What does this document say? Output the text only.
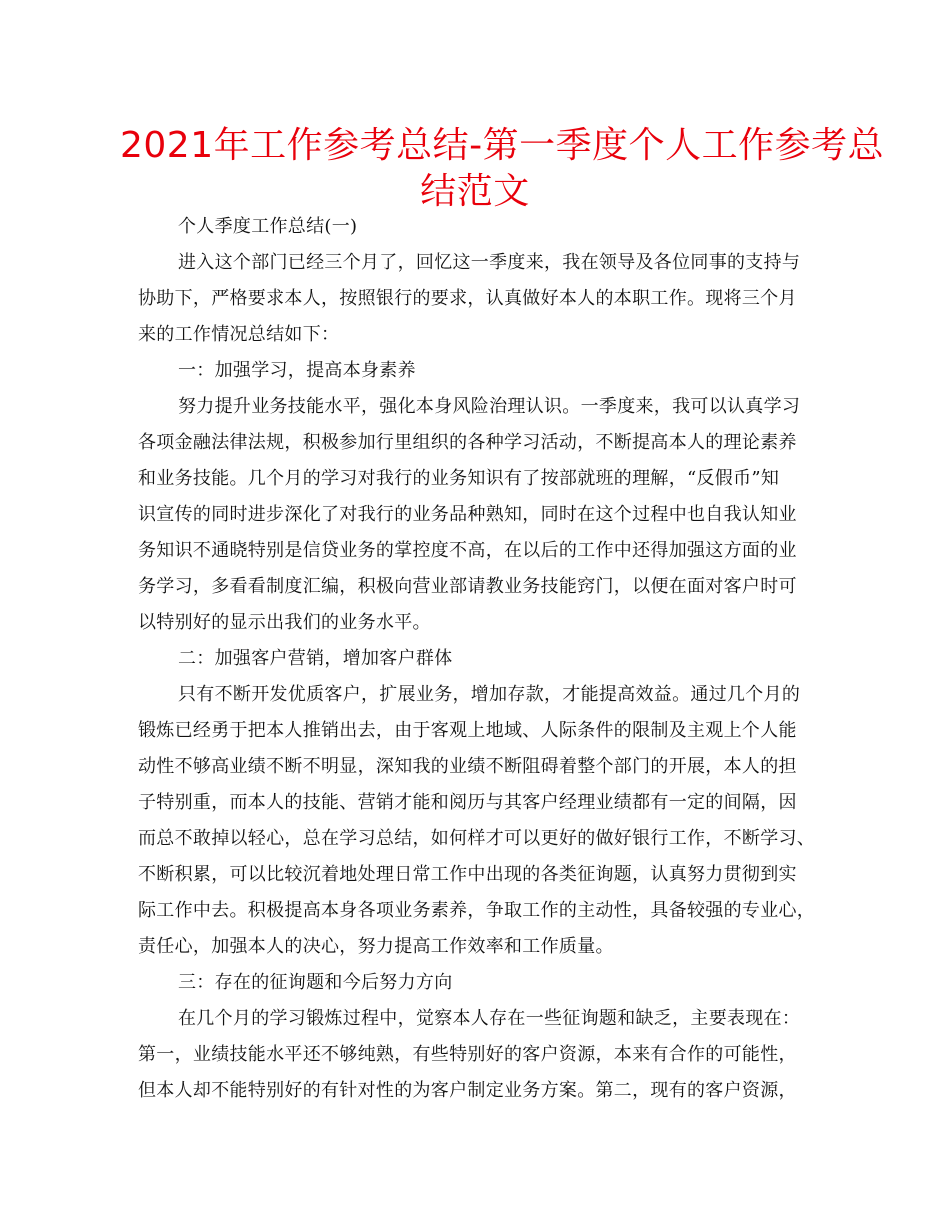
2021年工作参考总结-第一季度个人工作参考总
结范文
个人季度工作总结(一)
进入这个部门已经三个月了，回忆这一季度来，我在领导及各位同事的支持与
协助下，严格要求本人，按照银行的要求，认真做好本人的本职工作。现将三个月
来的工作情况总结如下：
一：加强学习，提高本身素养
努力提升业务技能水平，强化本身风险治理认识。一季度来，我可以认真学习
各项金融法律法规，积极参加行里组织的各种学习活动，不断提高本人的理论素养
和业务技能。几个月的学习对我行的业务知识有了按部就班的理解，“反假币”知
识宣传的同时进步深化了对我行的业务品种熟知，同时在这个过程中也自我认知业
务知识不通晓特别是信贷业务的掌控度不高，在以后的工作中还得加强这方面的业
务学习，多看看制度汇编，积极向营业部请教业务技能窍门，以便在面对客户时可
以特别好的显示出我们的业务水平。
二：加强客户营销，增加客户群体
只有不断开发优质客户，扩展业务，增加存款，才能提高效益。通过几个月的
锻炼已经勇于把本人推销出去，由于客观上地域、人际条件的限制及主观上个人能
动性不够高业绩不断不明显，深知我的业绩不断阻碍着整个部门的开展，本人的担
子特别重，而本人的技能、营销才能和阅历与其客户经理业绩都有一定的间隔，因
而总不敢掉以轻心，总在学习总结，如何样才可以更好的做好银行工作，不断学习、
不断积累，可以比较沉着地处理日常工作中出现的各类征询题，认真努力贯彻到实
际工作中去。积极提高本身各项业务素养，争取工作的主动性，具备较强的专业心，
责任心，加强本人的决心，努力提高工作效率和工作质量。
三：存在的征询题和今后努力方向
在几个月的学习锻炼过程中，觉察本人存在一些征询题和缺乏，主要表现在：
第一，业绩技能水平还不够纯熟，有些特别好的客户资源，本来有合作的可能性，
但本人却不能特别好的有针对性的为客户制定业务方案。第二，现有的客户资源，
